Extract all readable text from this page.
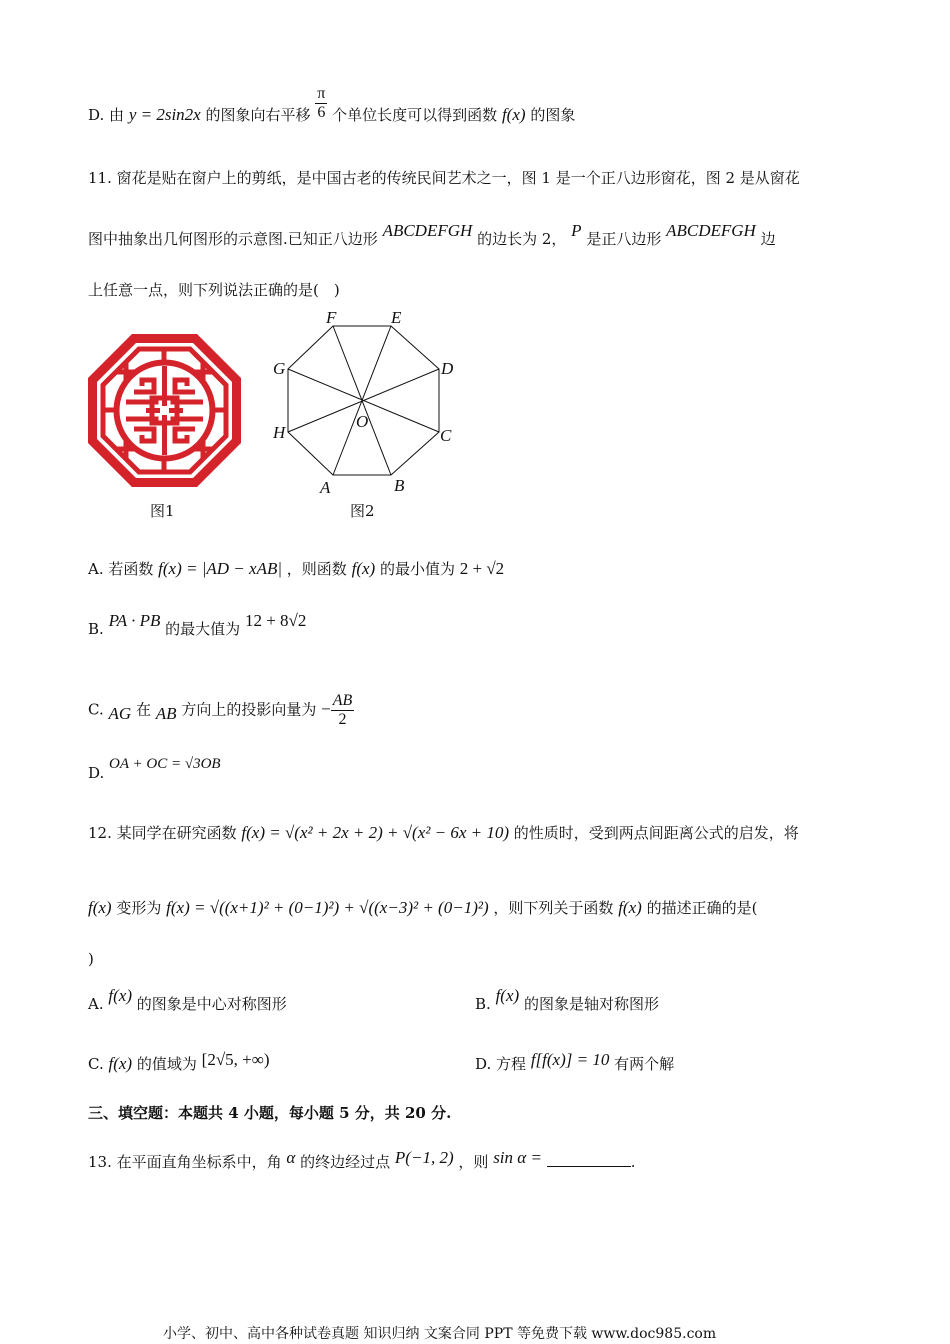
D. 由 y = 2sin2x 的图象向右平移 $\frac{\pi}{6}$ 个单位长度可以得到函数 f(x) 的图象
11. 窗花是贴在窗户上的剪纸，是中国古老的传统民间艺术之一，图 1 是一个正八边形窗花，图 2 是从窗花
图中抽象出几何图形的示意图.已知正八边形 ABCDEFGH 的边长为 2， P 是正八边形 ABCDEFGH 边
上任意一点，则下列说法正确的是(　)
图1
A	B
C
D
E
F
G
H
O
图2
A. 若函数 f(x) = |AD − xAB| ，则函数 f(x) 的最小值为 2 + √2
B. PA · PB 的最大值为 12 + 8√2
C. AG 在 AB 方向上的投影向量为 − $\frac{AB}{2}$
D. OA + OC = √3OB
12. 某同学在研究函数 f(x) = √(x² + 2x + 2) + √(x² − 6x + 10) 的性质时，受到两点间距离公式的启发，将
f(x) 变形为 f(x) = √((x+1)² + (0−1)²) + √((x−3)² + (0−1)²) ，则下列关于函数 f(x) 的描述正确的是(
)
A. f(x) 的图象是中心对称图形	B. f(x) 的图象是轴对称图形
C. f(x) 的值域为 [2√5, +∞)	D. 方程 f[f(x)] = 10 有两个解
三、填空题：本题共 4 小题，每小题 5 分，共 20 分.
13. 在平面直角坐标系中，角 α 的终边经过点 P(−1, 2) ，则 sin α =	.
小学、初中、高中各种试卷真题 知识归纳 文案合同 PPT 等免费下载 www.doc985.com
